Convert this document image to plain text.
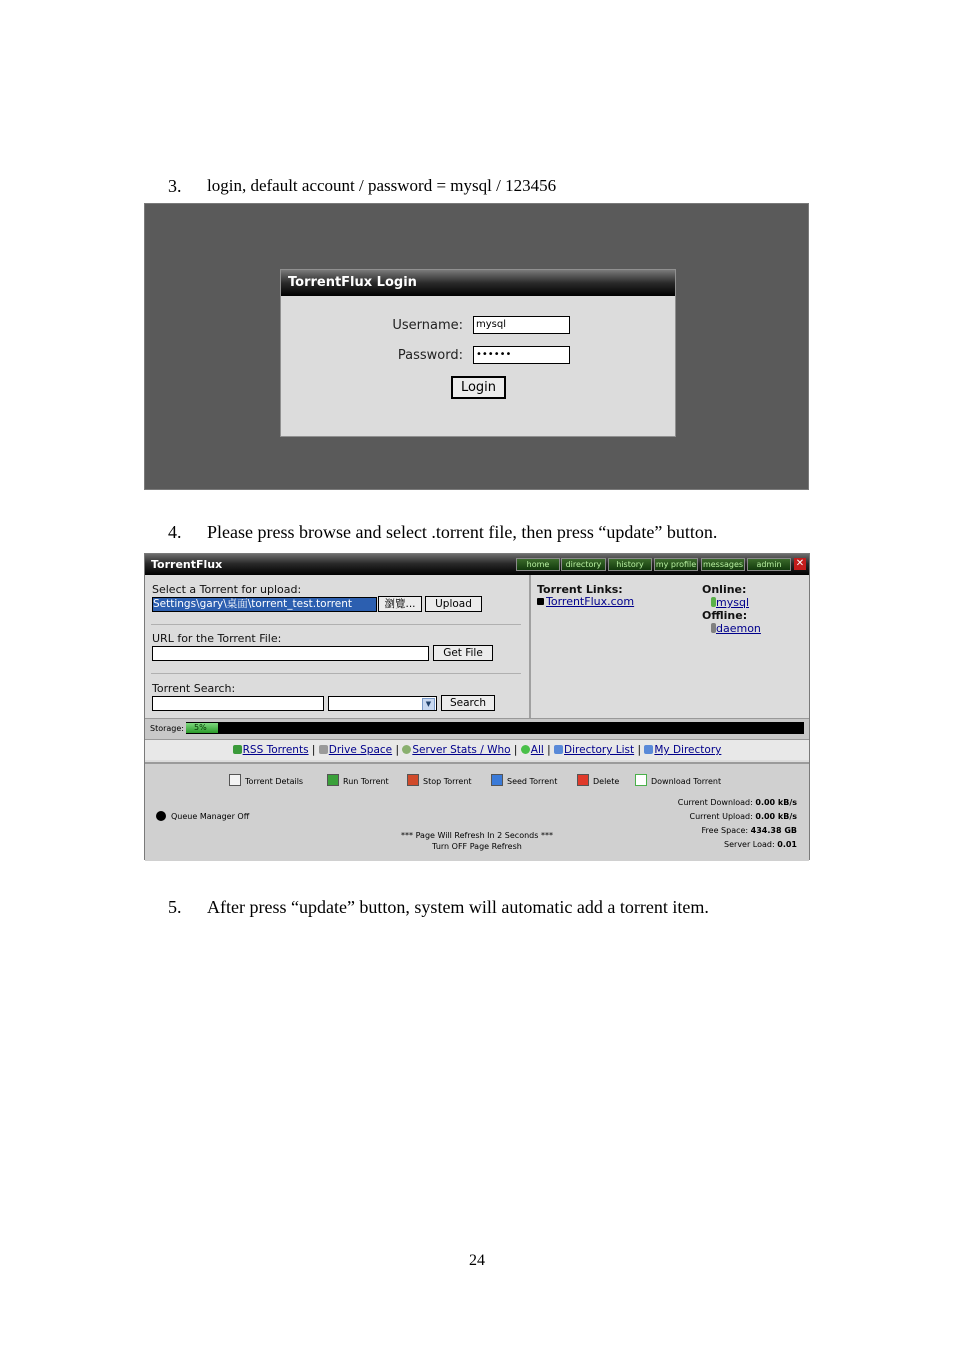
3. login, default account / password = mysql / 123456
TorrentFlux Login
Username:	mysql
Password:	••••••
Login
4. Please press browse and select .torrent file, then press “update” button.
TorrentFlux	home	directory	history	my profile messages	admin	✕
Select a Torrent for upload:
Settings\gary\桌面\torrent_test.torrent	瀏覽...	Upload
URL for the Torrent File:
Get File
Torrent Search:
▼	Search
Torrent Links:
TorrentFlux.com
Online:
mysql
Offline:
daemon
Storage: 5%
RSS Torrents | Drive Space | Server Stats / Who | All | Directory List | My Directory
Torrent Details	Run Torrent	Stop Torrent	Seed Torrent	Delete	Download Torrent
Queue Manager Off
*** Page Will Refresh In 2 Seconds ***
Turn OFF Page Refresh
Current Download: 0.00 kB/s
Current Upload: 0.00 kB/s
Free Space: 434.38 GB
Server Load: 0.01
5. After press “update” button, system will automatic add a torrent item.
24
